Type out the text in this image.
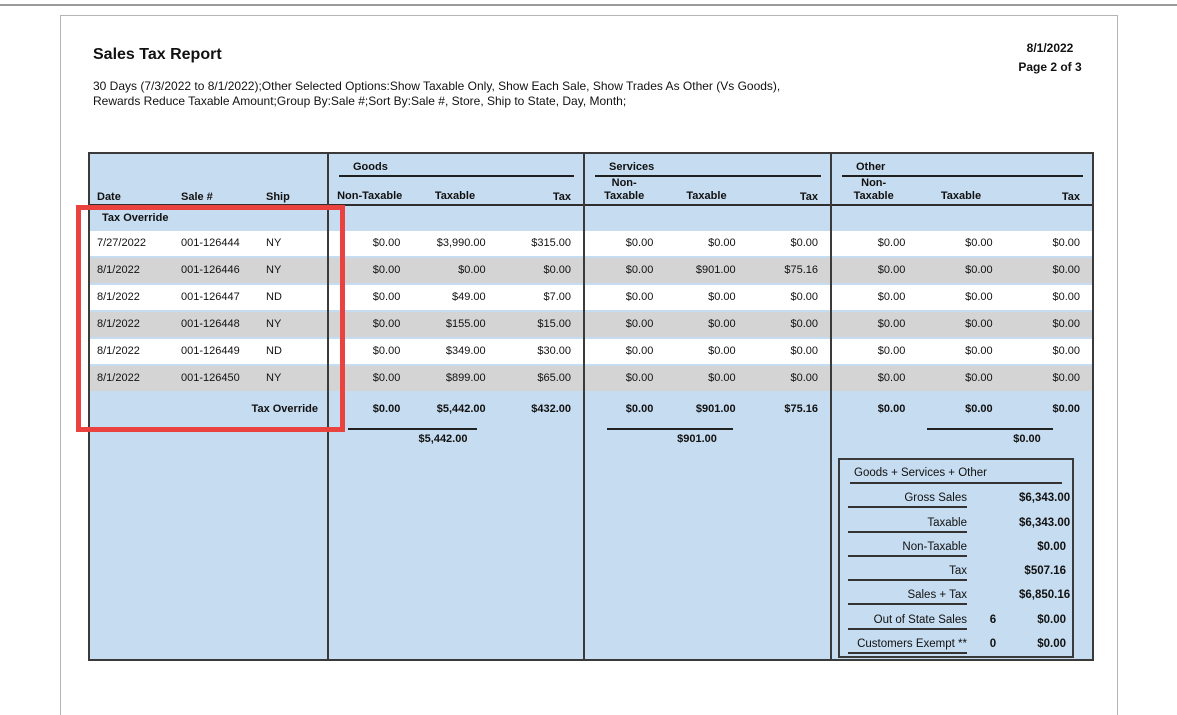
Sales Tax Report	8/1/2022
Page 2 of 3
30 Days (7/3/2022 to 8/1/2022);Other Selected Options:Show Taxable Only, Show Each Sale, Show Trades As Other (Vs Goods), Rewards Reduce Taxable Amount;Group By:Sale #;Sort By:Sale #, Store, Ship to State, Day, Month;
Date	Sale #	Ship
Goods
Non-Taxable	Taxable	Tax
Services
Non-Taxable	Taxable	Tax
Other
Non-Taxable	Taxable	Tax
Tax Override
7/27/2022	001-126444	NY	$0.00	$3,990.00	$315.00	$0.00	$0.00	$0.00	$0.00	$0.00	$0.00
8/1/2022	001-126446	NY	$0.00	$0.00	$0.00	$0.00	$901.00	$75.16	$0.00	$0.00	$0.00
8/1/2022	001-126447	ND	$0.00	$49.00	$7.00	$0.00	$0.00	$0.00	$0.00	$0.00	$0.00
8/1/2022	001-126448	NY	$0.00	$155.00	$15.00	$0.00	$0.00	$0.00	$0.00	$0.00	$0.00
8/1/2022	001-126449	ND	$0.00	$349.00	$30.00	$0.00	$0.00	$0.00	$0.00	$0.00	$0.00
8/1/2022	001-126450	NY	$0.00	$899.00	$65.00	$0.00	$0.00	$0.00	$0.00	$0.00	$0.00
Tax Override	$0.00	$5,442.00	$432.00	$0.00	$901.00	$75.16	$0.00	$0.00	$0.00
$5,442.00	$901.00	$0.00
Goods + Services + Other
Gross Sales	$6,343.00
Taxable	$6,343.00
Non-Taxable	$0.00
Tax	$507.16
Sales + Tax	$6,850.16
Out of State Sales	6	$0.00
Customers Exempt **	0	$0.00
